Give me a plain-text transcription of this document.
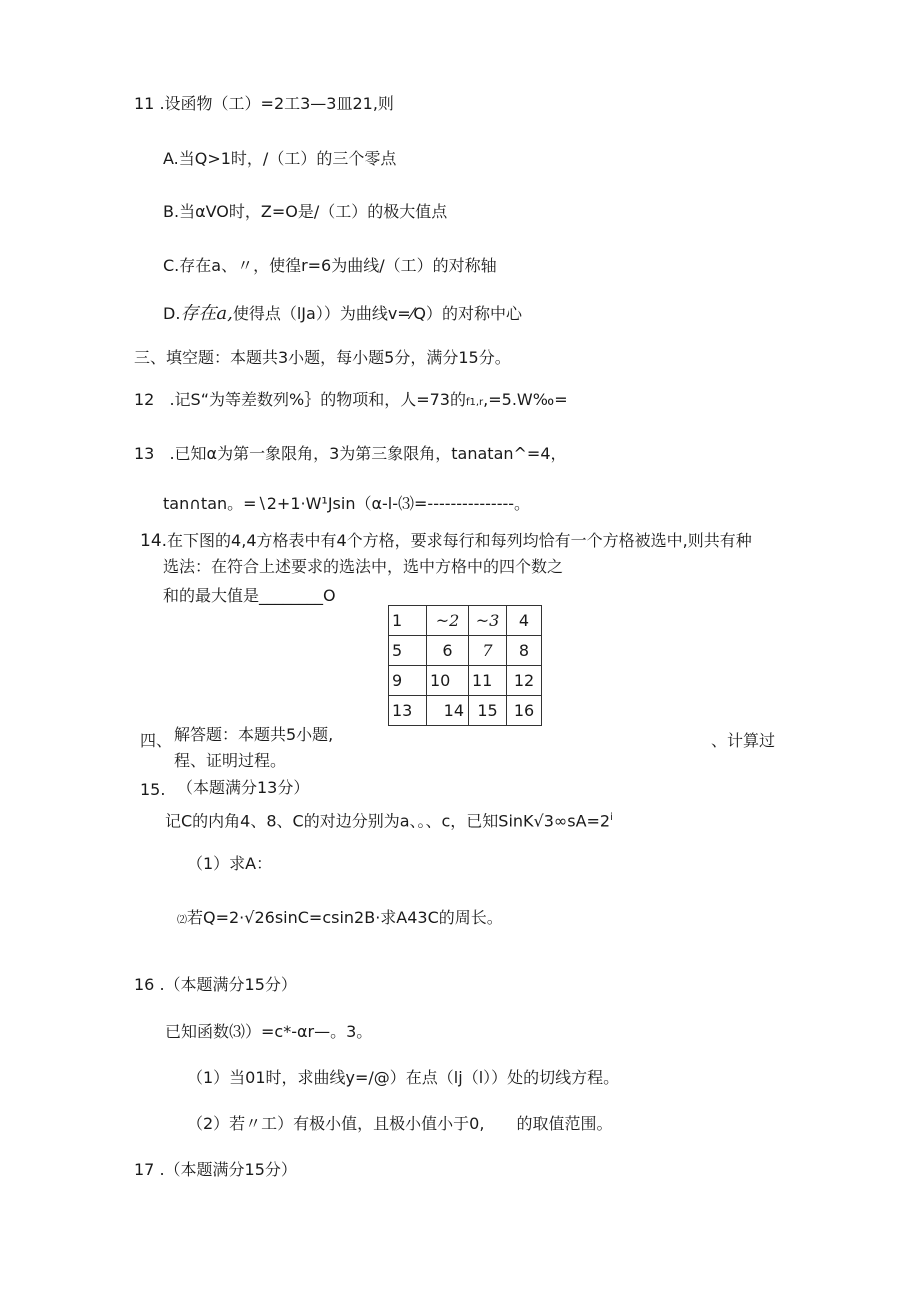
11 .设函物（工）=2工3—3皿21,则
A.当Q>1时，/（工）的三个零点
B.当αVO时，Z=O是/（工）的极大值点
C.存在a、〃，使徨r=6为曲线/（工）的对称轴
D.存在a,使得点（lJa））为曲线v=⁄Q）的对称中心
三、填空题：本题共3小题，每小题5分，满分15分。
12 .记S“为等差数列%｝的物项和，人=73的f1,r,=5.W‰=
13 .已知α为第一象限角，3为第三象限角，tanatan^=4，
tan∩tan。=∖2+1·W¹Jsin（α-l-⑶=---------------。
14.在下图的4,4方格表中有4个方格，要求每行和每列均恰有一个方格被选中,则共有种
选法：在符合上述要求的选法中，选中方格中的四个数之
和的最大值是________O
1	~2	~3	4
5	6	7	8
9	10	11	12
13	14	15	16
四、 解答题：本题共5小题,	、计算过
程、证明过程。
15. （本题满分13分）
记C的内角4、8、C的对边分别为a、。、c，已知$SinK√3\infty sA=2^i$
（1）求A：
⑵若Q=2·√26sinC=csin2B·求A43C的周长。
16 .（本题满分15分）
已知函数⑶）=c*-αr—。3。
（1）当01时，求曲线y=/@）在点（lj（l））处的切线方程。
（2）若〃工）有极小值，且极小值小于0, 的取值范围。
17 .（本题满分15分）
